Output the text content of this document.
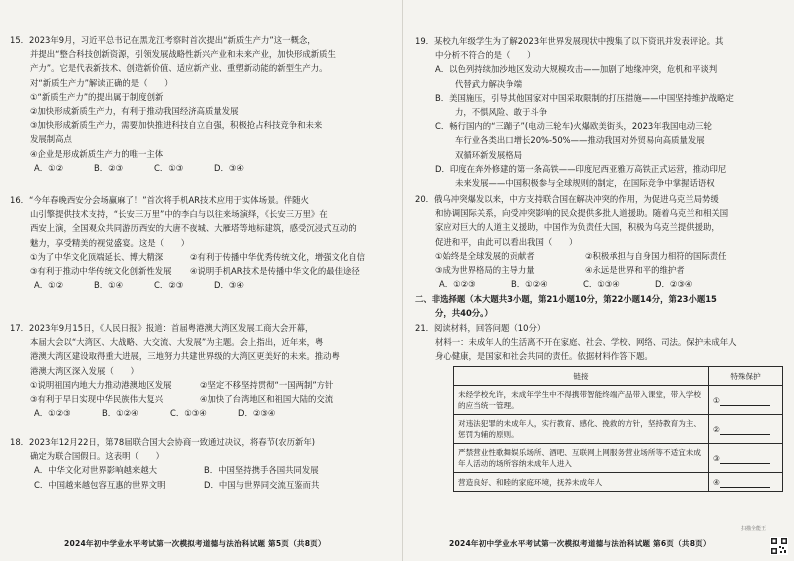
15．2023年9月，习近平总书记在黑龙江考察时首次提出“新质生产力”这一概念，
并提出“整合科技创新资源，引领发展战略性新兴产业和未来产业，加快形成新质生
产力”。它是代表新技术、创造新价值、适应新产业、重塑新动能的新型生产力。
对“新质生产力”解读正确的是（　　）
①“新质生产力”的提出属于制度创新
②加快形成新质生产力，有利于推动我国经济高质量发展
③加快形成新质生产力，需要加快推进科技自立自强，积极抢占科技竞争和未来
发展制高点
④企业是形成新质生产力的唯一主体
A．①②	B．②③	C．①③	D．③④
16．“今年春晚西安分会场赢麻了！”首次将手机AR技术应用于实体场景。伴随火
山引擎提供技术支持，“长安三万里”中的李白与以往来场演绎，《长安三万里》在
西安上演，全国观众共同游历西安的大唐不夜城、大雁塔等地标建筑，感受沉浸式互动的
魅力，享受精美的视觉盛宴。这是（　　）
①为了中华文化顶端延长、博大精深	②有利于传播中华优秀传统文化，增强文化自信
③有利于推动中华传统文化创新性发展	④说明手机AR技术是传播中华文化的最佳途径
A．①②	B．①④	C．②③	D．③④
17．2023年9月15日，《人民日报》报道：首届粤港澳大湾区发展工商大会开幕，
本届大会以“大湾区、大战略、大交流、大发展”为主题。会上指出，近年来，粤
港澳大湾区建设取得重大进展，三地努力共建世界级的大湾区更美好的未来。推动粤
港澳大湾区深入发展（　　）
①说明祖国内地大力推动港澳地区发展	②坚定不移坚持贯彻“一国两制”方针
③有利于早日实现中华民族伟大复兴	④加快了台湾地区和祖国大陆的交流
A．①②③	B．①②④	C．①③④	D．②③④
18．2023年12月22日，第78届联合国大会协商一致通过决议，将春节(农历新年)
确定为联合国假日。这表明（　　）
A．中华文化对世界影响越来越大	B．中国坚持携手各国共同发展
C．中国越来越包容互惠的世界文明	D．中国与世界同交流互鉴而共
2024年初中学业水平考试第一次模拟考道德与法治科试题 第5页（共8页）
19．某校九年级学生为了解2023年世界发展现状中搜集了以下资讯并发表评论。其
中分析不符合的是（　　）
A．以色列持续加沙地区发动大规模攻击——加剧了地缘冲突，危机和平谈判
代替武力解决争端
B．美国施压，引导其他国家对中国采取限制的打压措施——中国坚持维护战略定
力，不惧风险、敢于斗争
C．畅行国内的“三蹦子”(电动三轮车)火爆欧美街头，2023年我国电动三轮
车行业各类出口增长20%-50%——推动我国对外贸易向高质量发展
双循环新发展格局
D．印度在奔外修建的第一条高铁——印度尼西亚雅万高铁正式运营，推动印尼
未来发展——中国积极参与全球规则的制定，在国际竞争中掌握话语权
20．俄乌冲突爆发以来，中方支持联合国在解决冲突的作用，为促进乌克兰局势缓
和协调国际关系，向受冲突影响的民众提供多批人道援助。随着乌克兰和相关国
家应对巨大的人道主义援助，中国作为负责任大国，积极为乌克兰提供援助，
促进和平，由此可以看出我国（　　）
①始终是全球发展的贡献者	②积极承担与自身国力相符的国际责任
③成为世界格局的主导力量	④永远是世界和平的维护者
A．①②③	B．①②④	C．①③④	D．②③④
二、非选择题（本大题共3小题，第21小题10分，第22小题14分，第23小题15
分，共40分。）
21．阅读材料，回答问题（10分）
材料一：未成年人的生活离不开在家庭、社会、学校、网络、司法。保护未成年人
身心健康，是国家和社会共同的责任。依据材料作答下题。
链接	特殊保护
未经学校允许，未成年学生中不得携带智能终端产品带入课堂，带入学校的应当统一管理。	①
对违法犯罪的未成年人，实行教育、感化、挽救的方针，坚持教育为主、惩罚为辅的原则。	②
严禁营业性歌舞娱乐场所、酒吧、互联网上网服务营业场所等不适宜未成年人活动的场所容纳未成年人进入	③
营造良好、和睦的家庭环境，抚养未成年人	④
2024年初中学业水平考试第一次模拟考道德与法治科试题 第6页（共8页）
扫描全能王
